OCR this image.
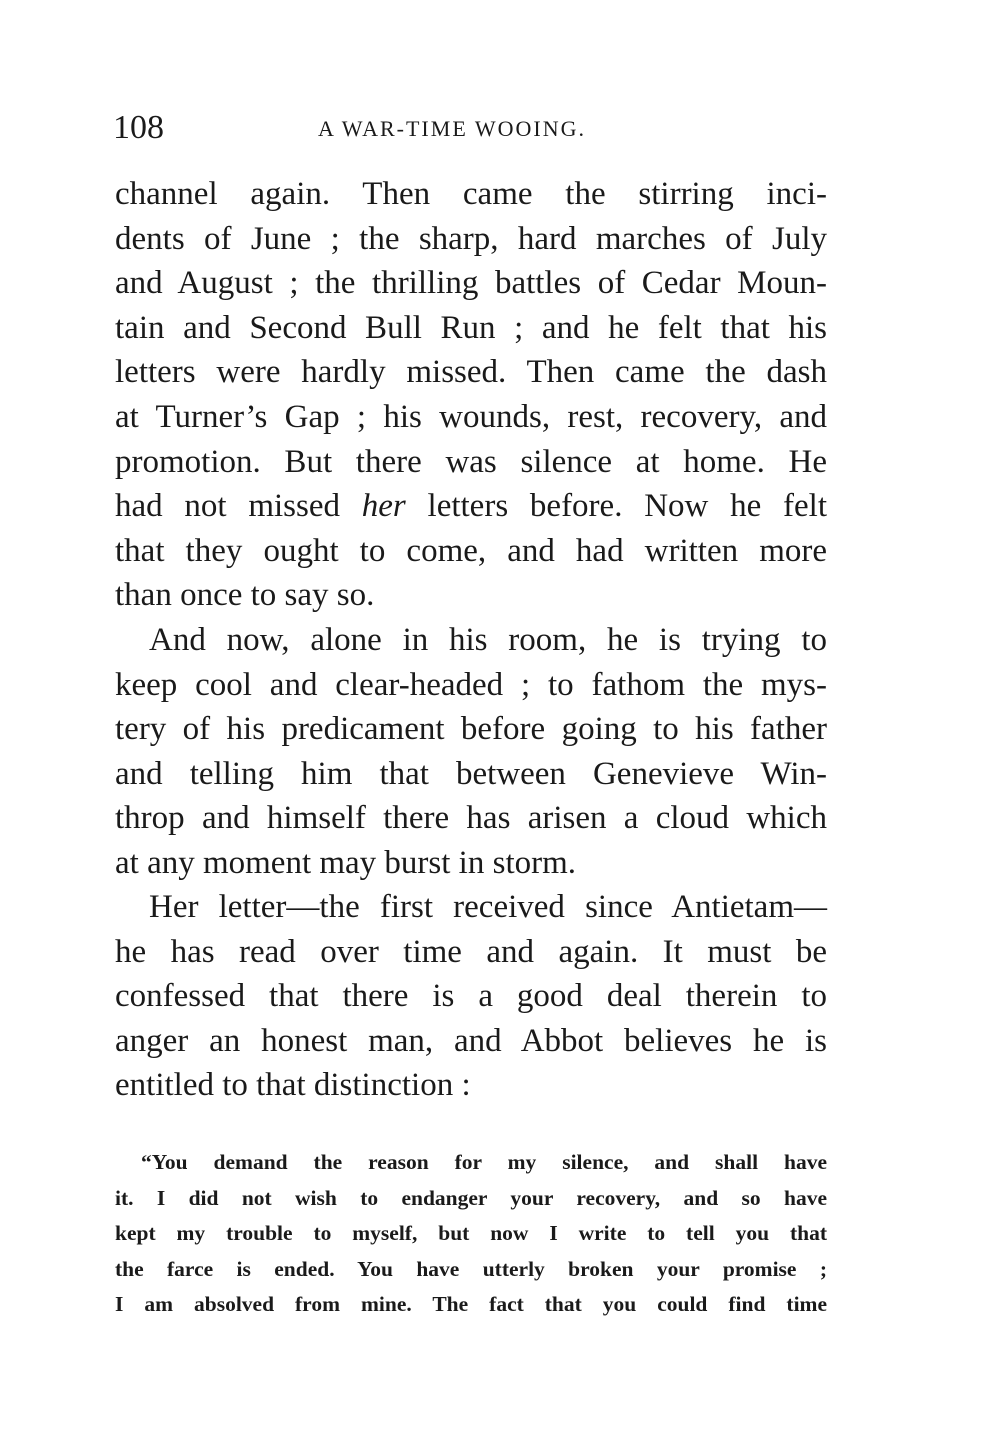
108	A WAR-TIME WOOING.
channel again. Then came the stirring inci-
dents of June ; the sharp, hard marches of July
and August ; the thrilling battles of Cedar Moun-
tain and Second Bull Run ; and he felt that his
letters were hardly missed. Then came the dash
at Turner’s Gap ; his wounds, rest, recovery, and
promotion. But there was silence at home. He
had not missed her letters before. Now he felt
that they ought to come, and had written more
than once to say so.
And now, alone in his room, he is trying to
keep cool and clear-headed ; to fathom the mys-
tery of his predicament before going to his father
and telling him that between Genevieve Win-
throp and himself there has arisen a cloud which
at any moment may burst in storm.
Her letter—the first received since Antietam—
he has read over time and again. It must be
confessed that there is a good deal therein to
anger an honest man, and Abbot believes he is
entitled to that distinction :
“You demand the reason for my silence, and shall have
it. I did not wish to endanger your recovery, and so have
kept my trouble to myself, but now I write to tell you that
the farce is ended. You have utterly broken your promise ;
I am absolved from mine. The fact that you could find time
